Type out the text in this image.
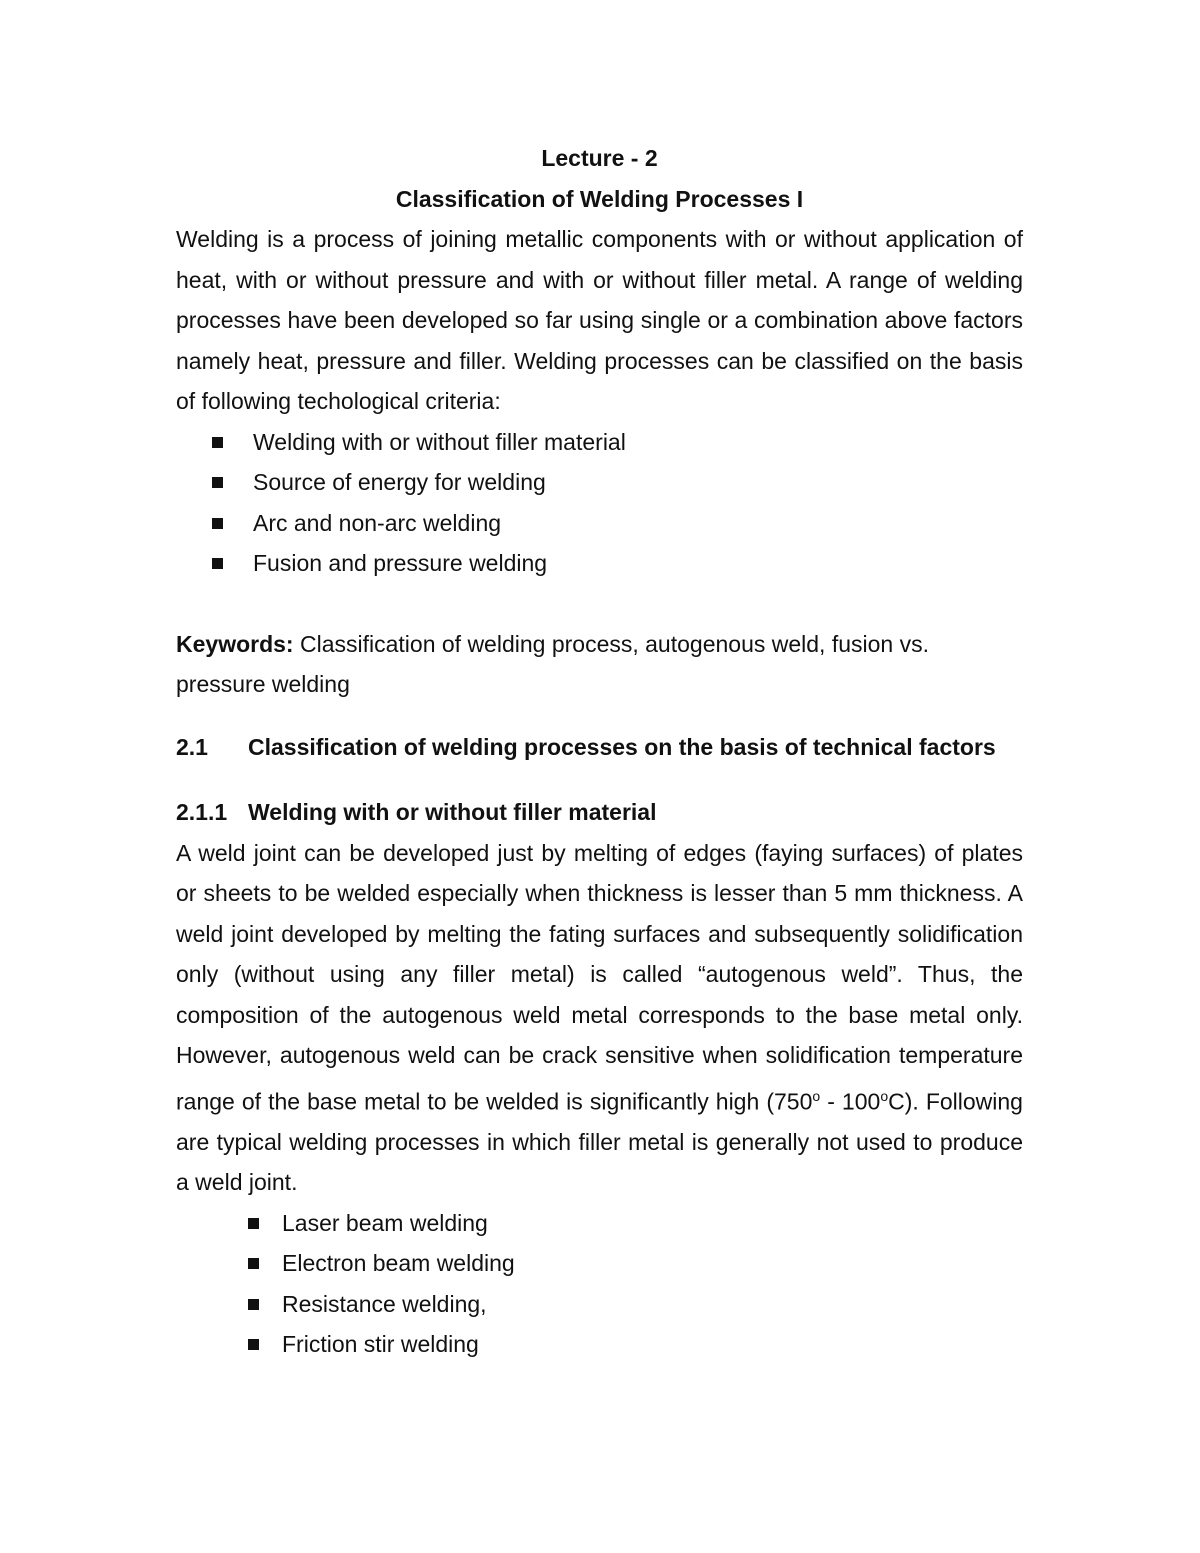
Lecture - 2

Classification of Welding Processes I

Welding is a process of joining metallic components with or without application of heat, with or without pressure and with or without filler metal. A range of welding processes have been developed so far using single or a combination above factors namely heat, pressure and filler. Welding processes can be classified on the basis of following techological criteria:

Welding with or without filler material
Source of energy for welding
Arc and non-arc welding
Fusion and pressure welding

Keywords: Classification of welding process, autogenous weld, fusion vs. pressure welding

2.1	Classification of welding processes on the basis of technical factors

2.1.1 Welding with or without filler material

A weld joint can be developed just by melting of edges (faying surfaces) of plates or sheets to be welded especially when thickness is lesser than 5 mm thickness. A weld joint developed by melting the fating surfaces and subsequently solidification only (without using any filler metal) is called “autogenous weld”. Thus, the composition of the autogenous weld metal corresponds to the base metal only. However, autogenous weld can be crack sensitive when solidification temperature range of the base metal to be welded is significantly high (750$^o$ - 100$^o$C). Following are typical welding processes in which filler metal is generally not used to produce a weld joint.

Laser beam welding
Electron beam welding
Resistance welding,
Friction stir welding
